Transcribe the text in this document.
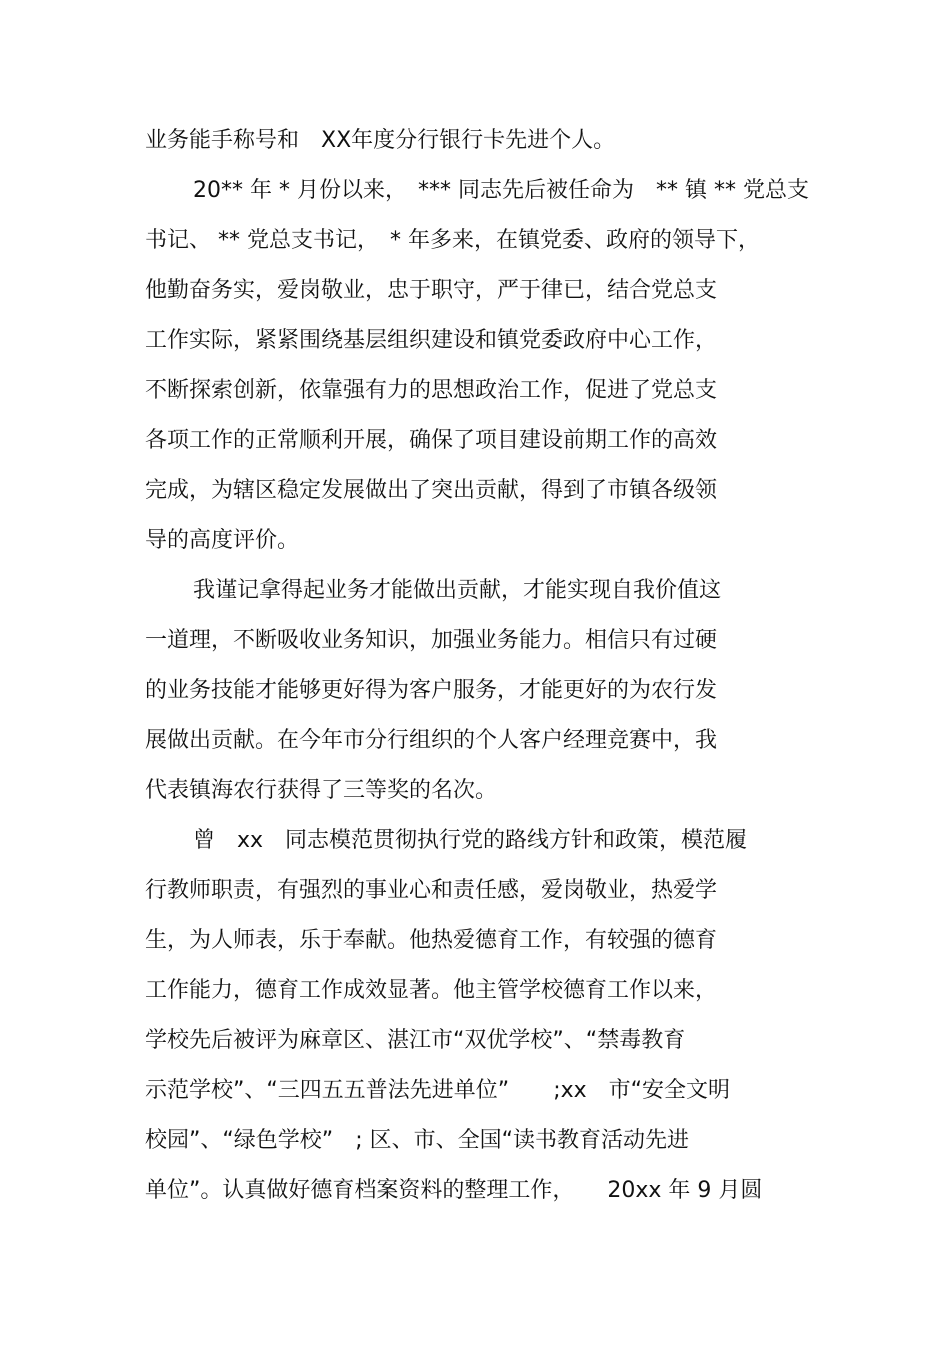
业务能手称号和　XX年度分行银行卡先进个人。
20** 年 * 月份以来，　*** 同志先后被任命为　** 镇 ** 党总支
书记、 ** 党总支书记，　* 年多来，在镇党委、政府的领导下，
他勤奋务实，爱岗敬业，忠于职守，严于律已，结合党总支
工作实际，紧紧围绕基层组织建设和镇党委政府中心工作，
不断探索创新，依靠强有力的思想政治工作，促进了党总支
各项工作的正常顺利开展，确保了项目建设前期工作的高效
完成，为辖区稳定发展做出了突出贡献，得到了市镇各级领
导的高度评价。
我谨记拿得起业务才能做出贡献，才能实现自我价值这
一道理，不断吸收业务知识，加强业务能力。相信只有过硬
的业务技能才能够更好得为客户服务，才能更好的为农行发
展做出贡献。在今年市分行组织的个人客户经理竞赛中，我
代表镇海农行获得了三等奖的名次。
曾　xx　同志模范贯彻执行党的路线方针和政策，模范履
行教师职责，有强烈的事业心和责任感，爱岗敬业，热爱学
生，为人师表，乐于奉献。他热爱德育工作，有较强的德育
工作能力，德育工作成效显著。他主管学校德育工作以来，
学校先后被评为麻章区、湛江市“双优学校”、“禁毒教育
示范学校”、“三四五五普法先进单位”　　;xx　市“安全文明
校园”、“绿色学校”　; 区、市、全国“读书教育活动先进
单位”。认真做好德育档案资料的整理工作，　　20xx 年 9 月圆
